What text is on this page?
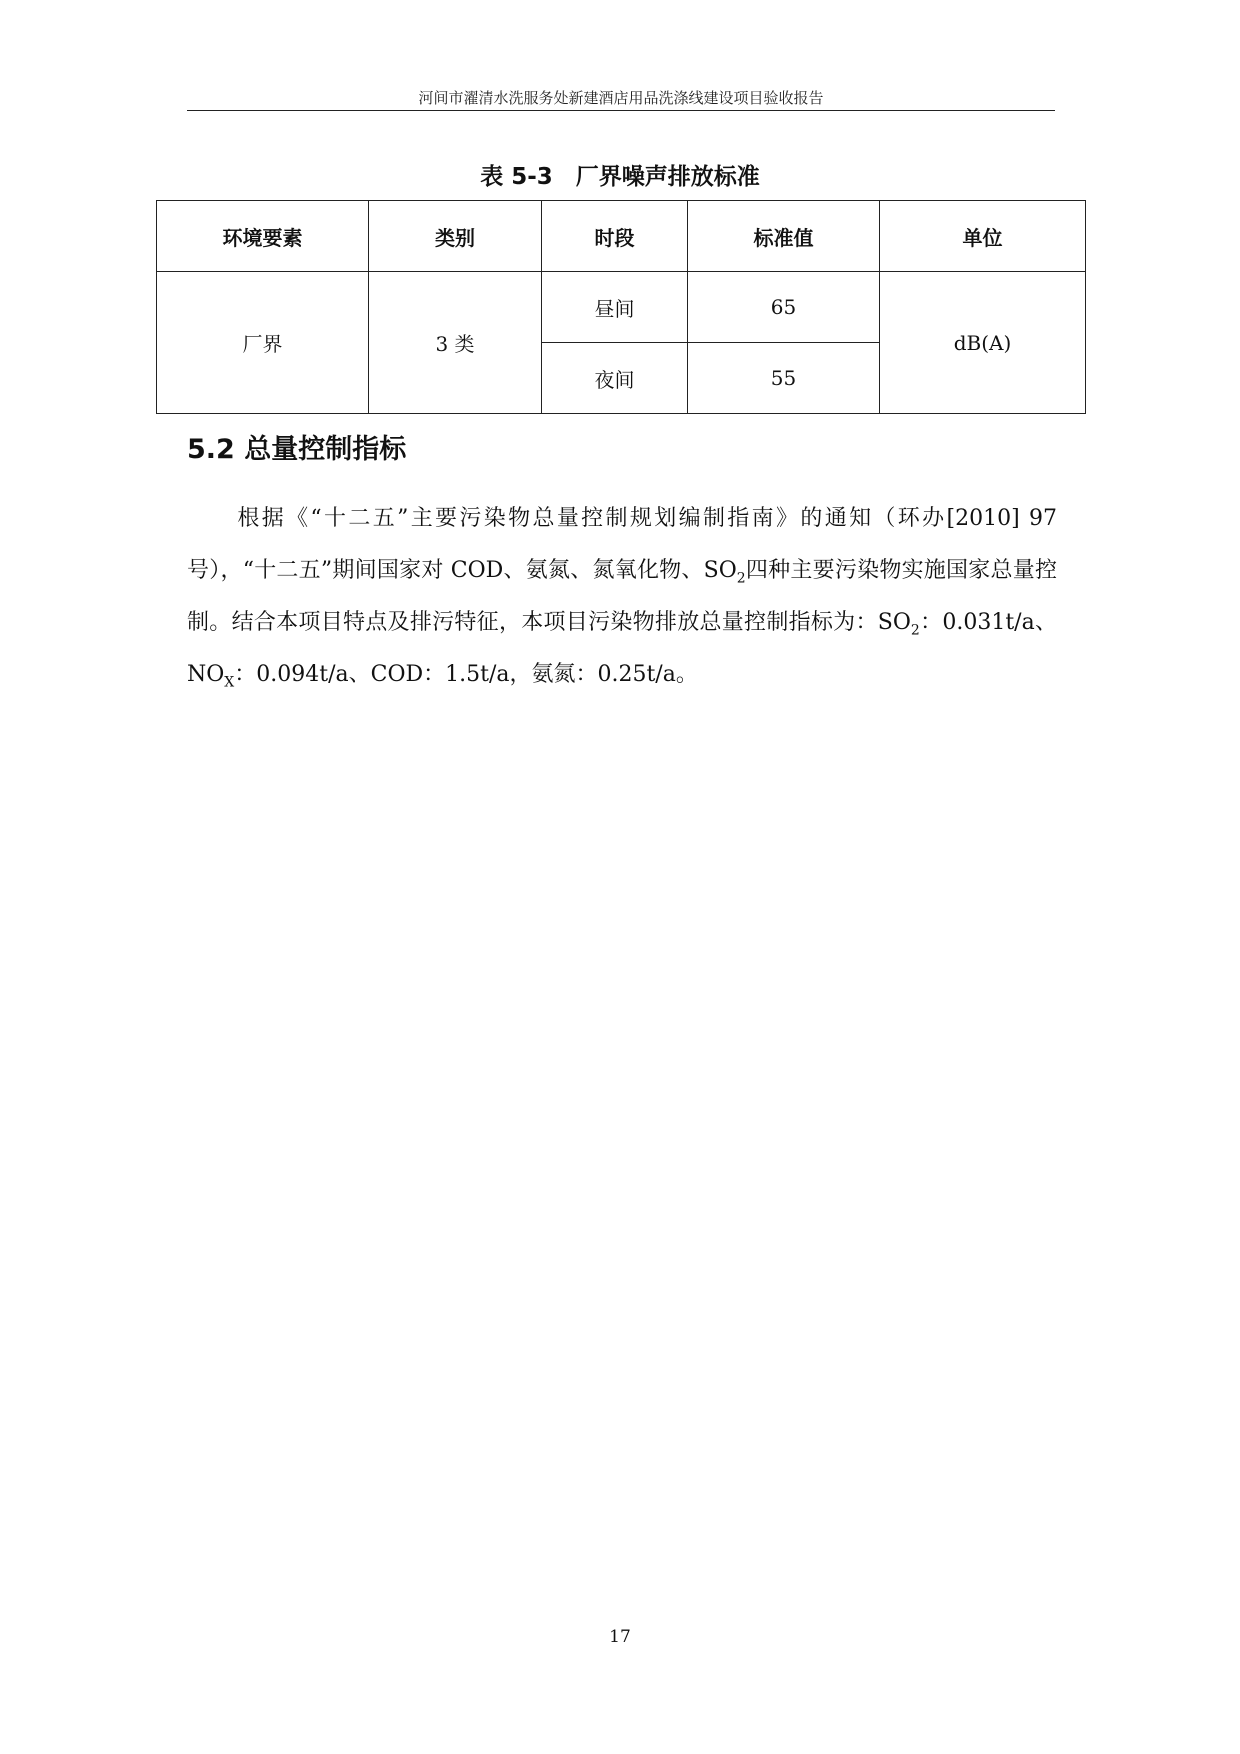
河间市濯清水洗服务处新建酒店用品洗涤线建设项目验收报告
表 5-3　厂界噪声排放标准
环境要素	类别	时段	标准值	单位
厂界	3 类	昼间	65	dB(A)
		夜间	55	
5.2 总量控制指标

根据《“十二五”主要污染物总量控制规划编制指南》的通知（环办[2010] 97号），“十二五”期间国家对 COD、氨氮、氮氧化物、$SO_2$四种主要污染物实施国家总量控制。结合本项目特点及排污特征，本项目污染物排放总量控制指标为：$SO_2$：0.031t/a、$NO_X$：0.094t/a、COD：1.5t/a，氨氮：0.25t/a。

17
